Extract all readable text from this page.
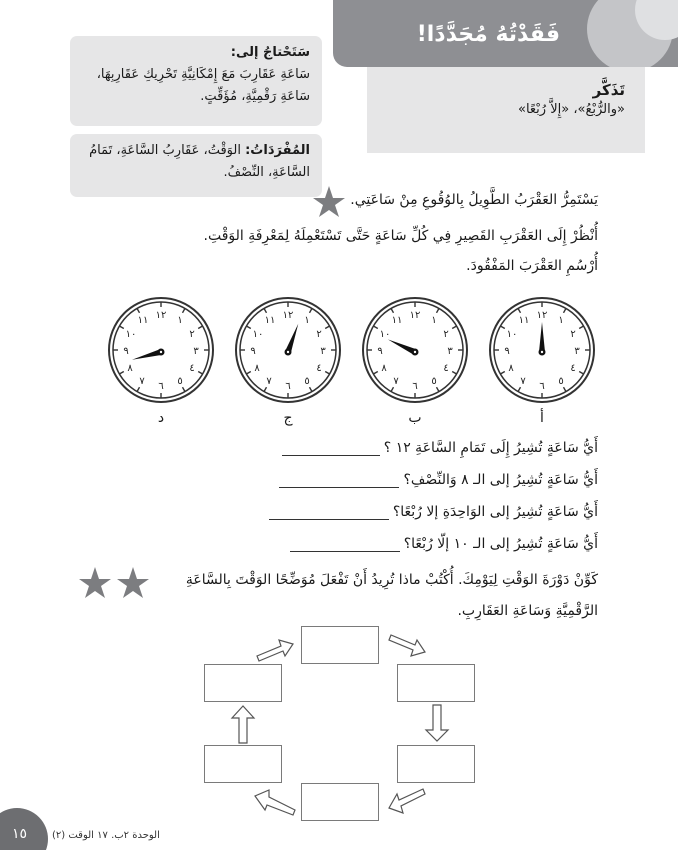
فَقَدْتُهُ مُجَدَّدًا!
تَذَكَّر
«والرُّبْعُ»، «إِلاَّ رُبْعًا»
سَتَحْتاجُ إلى:
سَاعَةِ عَقَارِبَ مَعَ إِمْكَانِيَّةِ تَحْرِيكِ عَقَارِبِهَا، سَاعَةِ رَقْمِيَّةِ، مُؤَقِّتٍ.
المُفْرَدَاتُ: الوَقْتُ، عَقَارِبُ السَّاعَةِ، تَمَامُ السَّاعَةِ، النِّصْفُ.
يَسْتَمِرُّ العَقْرَبُ الطَّوِيلُ بِالوُقُوعِ مِنْ سَاعَتِي.
أُنْظُرْ إِلَى العَقْرَبِ القَصِيرِ فِي كُلِّ سَاعَةٍ حَتَّى تَسْتَعْمِلَهُ لِمَعْرِفَةِ الوَقْتِ.
أُرْسُمِ العَقْرَبَ المَفْقُودَ.
١٢ ١
٢
٣
٤
٥
٦
٧
٨
٩
١٠
١١
١٢ ١
٢
٣
٤
٥
٦
٧
٨
٩
١٠
١١
١٢ ١
٢
٣
٤
٥
٦
٧
٨
٩
١٠
١١
١٢ ١
٢
٣
٤
٥
٦
٧
٨
٩
١٠
١١
أ
ب
ج
د
أَيُّ سَاعَةٍ تُشِيرُ إِلَى تَمَامِ السَّاعَةِ ١٢ ؟
أَيُّ سَاعَةٍ تُشِيرُ إلى الـ ٨ وَالنِّصْفِ؟
أَيُّ سَاعَةٍ تُشِيرُ إلى الوَاحِدَةِ إلا رُبْعًا؟
أَيُّ سَاعَةٍ تُشِيرُ إلى الـ ١٠ إلّا رُبْعًا؟
كَوِّنْ دَوْرَةَ الوَقْتِ لِيَوْمِكَ. أُكْتُبْ ماذا تُرِيدُ أَنْ تَفْعَلَ مُوَضِّحًا الوَقْتَ بِالسَّاعَةِ
الرَّقْمِيَّةِ وَسَاعَةِ العَقَارِبِ.
١٥ الوحدة ٢ب. ١٧ الوقت (٢)
